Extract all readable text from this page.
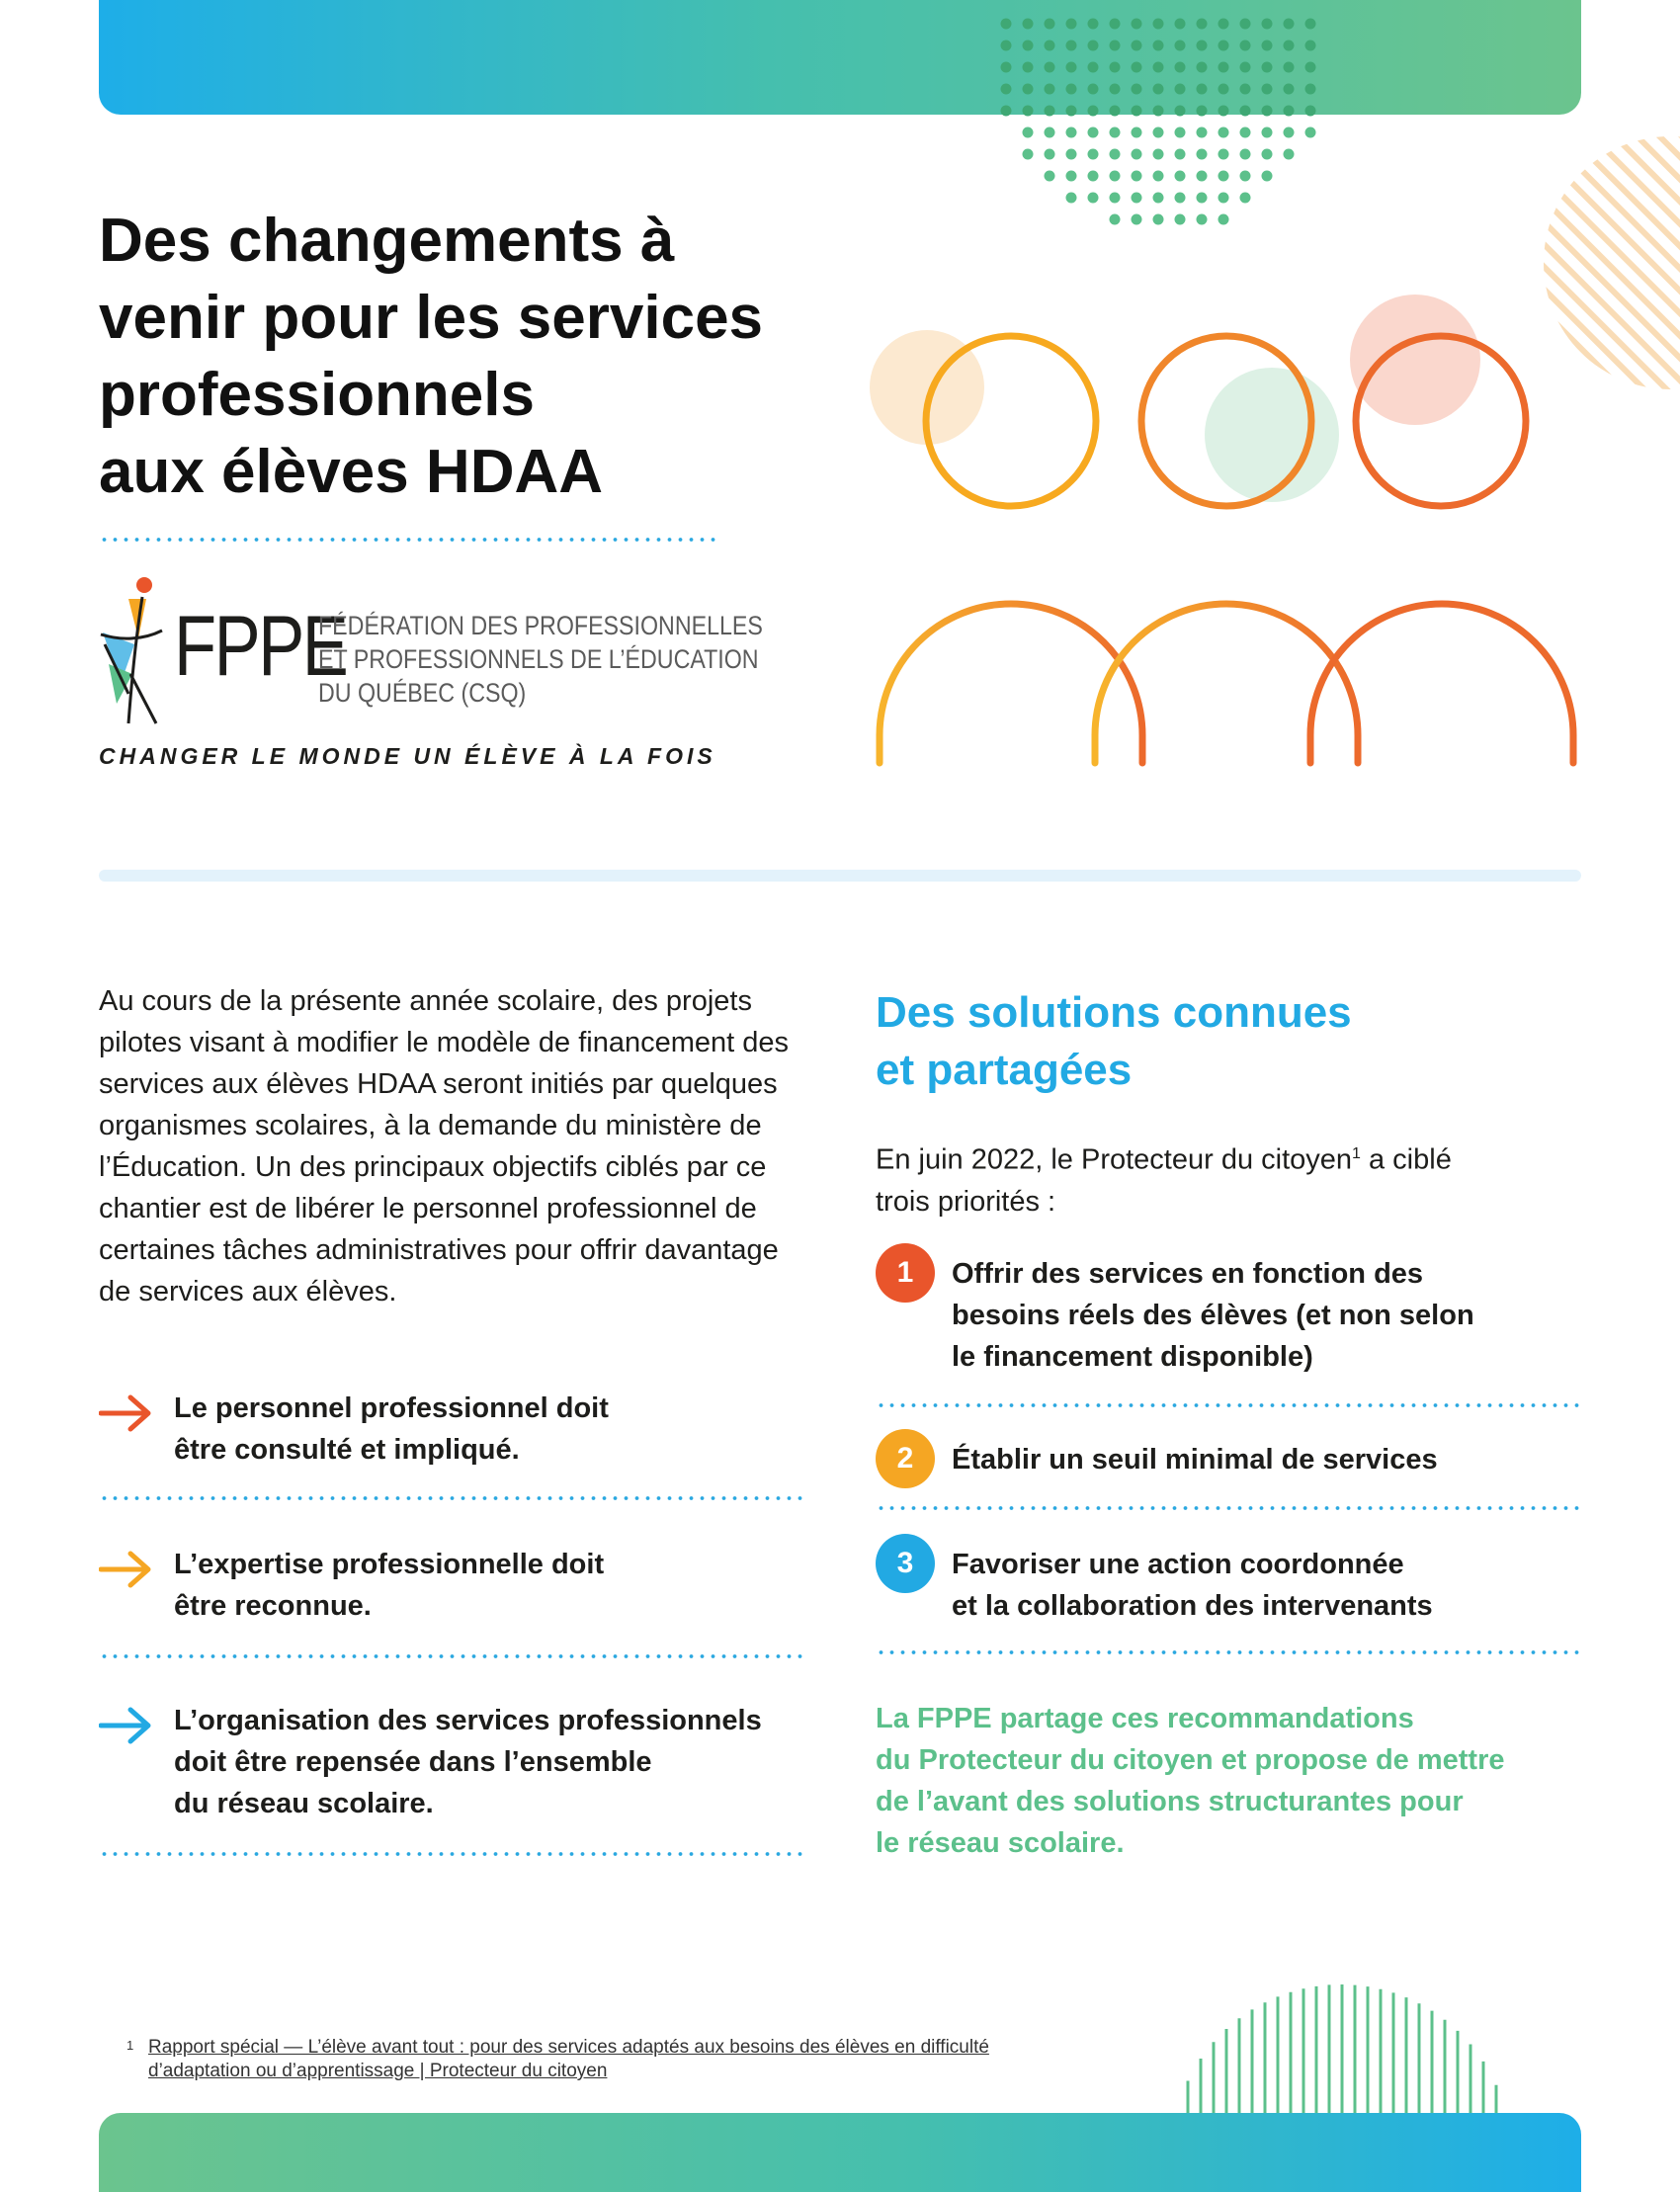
Des changements à
venir pour les services
professionnels
aux élèves HDAA
FPPE
FÉDÉRATION DES PROFESSIONNELLES
ET PROFESSIONNELS DE L’ÉDUCATION
DU QUÉBEC (CSQ)
CHANGER LE MONDE UN ÉLÈVE À LA FOIS

Au cours de la présente année scolaire, des projets pilotes visant à modifier le modèle de financement des services aux élèves HDAA seront initiés par quelques organismes scolaires, à la demande du ministère de l’Éducation. Un des principaux objectifs ciblés par ce chantier est de libérer le personnel professionnel de certaines tâches administratives pour offrir davantage de services aux élèves.

Le personnel professionnel doit
être consulté et impliqué.
L’expertise professionnelle doit
être reconnue.
L’organisation des services professionnels
doit être repensée dans l’ensemble
du réseau scolaire.
Des solutions connues
et partagées

En juin 2022, le Protecteur du citoyen$^1$ a ciblé
trois priorités :

1	Offrir des services en fonction des
besoins réels des élèves (et non selon
le financement disponible)
2	Établir un seuil minimal de services
3	Favoriser une action coordonnée
et la collaboration des intervenants

La FPPE partage ces recommandations
du Protecteur du citoyen et propose de mettre
de l’avant des solutions structurantes pour
le réseau scolaire.

1 Rapport spécial — L’élève avant tout : pour des services adaptés aux besoins des élèves en difficulté
d’adaptation ou d’apprentissage | Protecteur du citoyen
